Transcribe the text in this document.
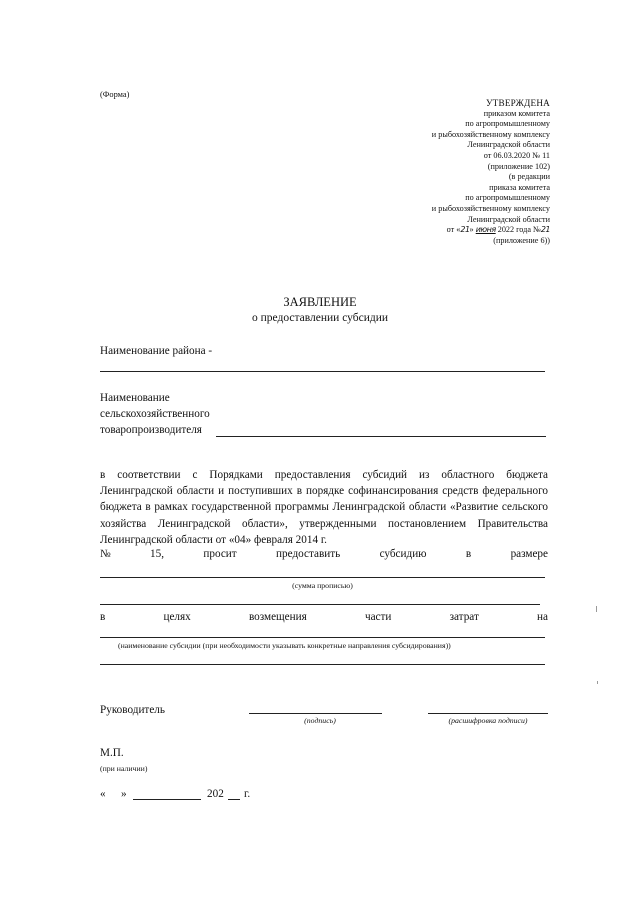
(Форма)
УТВЕРЖДЕНА
приказом комитета
по агропромышленному
и рыбохозяйственному комплексу
Ленинградской области
от 06.03.2020 № 11
(приложение 102)
(в редакции
приказа комитета
по агропромышленному
и рыбохозяйственному комплексу
Ленинградской области
от «21» июня 2022 года №21
(приложение 6))
ЗАЯВЛЕНИЕ
о предоставлении субсидии
Наименование района -
Наименование
сельскохозяйственного
товаропроизводителя
в соответствии с Порядками предоставления субсидий из областного бюджета Ленинградской области и поступивших в порядке софинансирования средств федерального бюджета в рамках государственной программы Ленинградской области «Развитие сельского хозяйства Ленинградской области», утвержденными постановлением Правительства Ленинградской области от «04» февраля 2014 г.
№	15,	просит	предоставить	субсидию	в	размере
(сумма прописью)
в	целях	возмещения	части	затрат	на
(наименование субсидии (при необходимости указывать конкретные направления субсидирования))
Руководитель
(подпись)	(расшифровка подписи)
М.П.
(при наличии)
« »	202 г.
